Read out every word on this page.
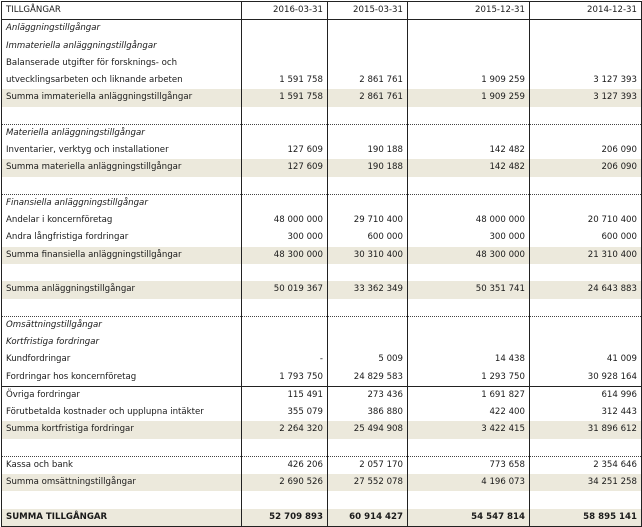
TILLGÅNGAR	2016-03-31	2015-03-31	2015-12-31	2014-12-31
Anläggningstillgångar				
Immateriella anläggningstillgångar				
Balanserade utgifter för forsknings- och				
utvecklingsarbeten och liknande arbeten	1 591 758	2 861 761	1 909 259	3 127 393
Summa immateriella anläggningstillgångar	1 591 758	2 861 761	1 909 259	3 127 393

Materiella anläggningstillgångar				
Inventarier, verktyg och installationer	127 609	190 188	142 482	206 090
Summa materiella anläggningstillgångar	127 609	190 188	142 482	206 090

Finansiella anläggningstillgångar				
Andelar i koncernföretag	48 000 000	29 710 400	48 000 000	20 710 400
Andra långfristiga fordringar	300 000	600 000	300 000	600 000
Summa finansiella anläggningstillgångar	48 300 000	30 310 400	48 300 000	21 310 400

Summa anläggningstillgångar	50 019 367	33 362 349	50 351 741	24 643 883

Omsättningstillgångar				
Kortfristiga fordringar				
Kundfordringar	-	5 009	14 438	41 009
Fordringar hos koncernföretag	1 793 750	24 829 583	1 293 750	30 928 164
Övriga fordringar	115 491	273 436	1 691 827	614 996
Förutbetalda kostnader och upplupna intäkter	355 079	386 880	422 400	312 443
Summa kortfristiga fordringar	2 264 320	25 494 908	3 422 415	31 896 612

Kassa och bank	426 206	2 057 170	773 658	2 354 646
Summa omsättningstillgångar	2 690 526	27 552 078	4 196 073	34 251 258

SUMMA TILLGÅNGAR	52 709 893	60 914 427	54 547 814	58 895 141
